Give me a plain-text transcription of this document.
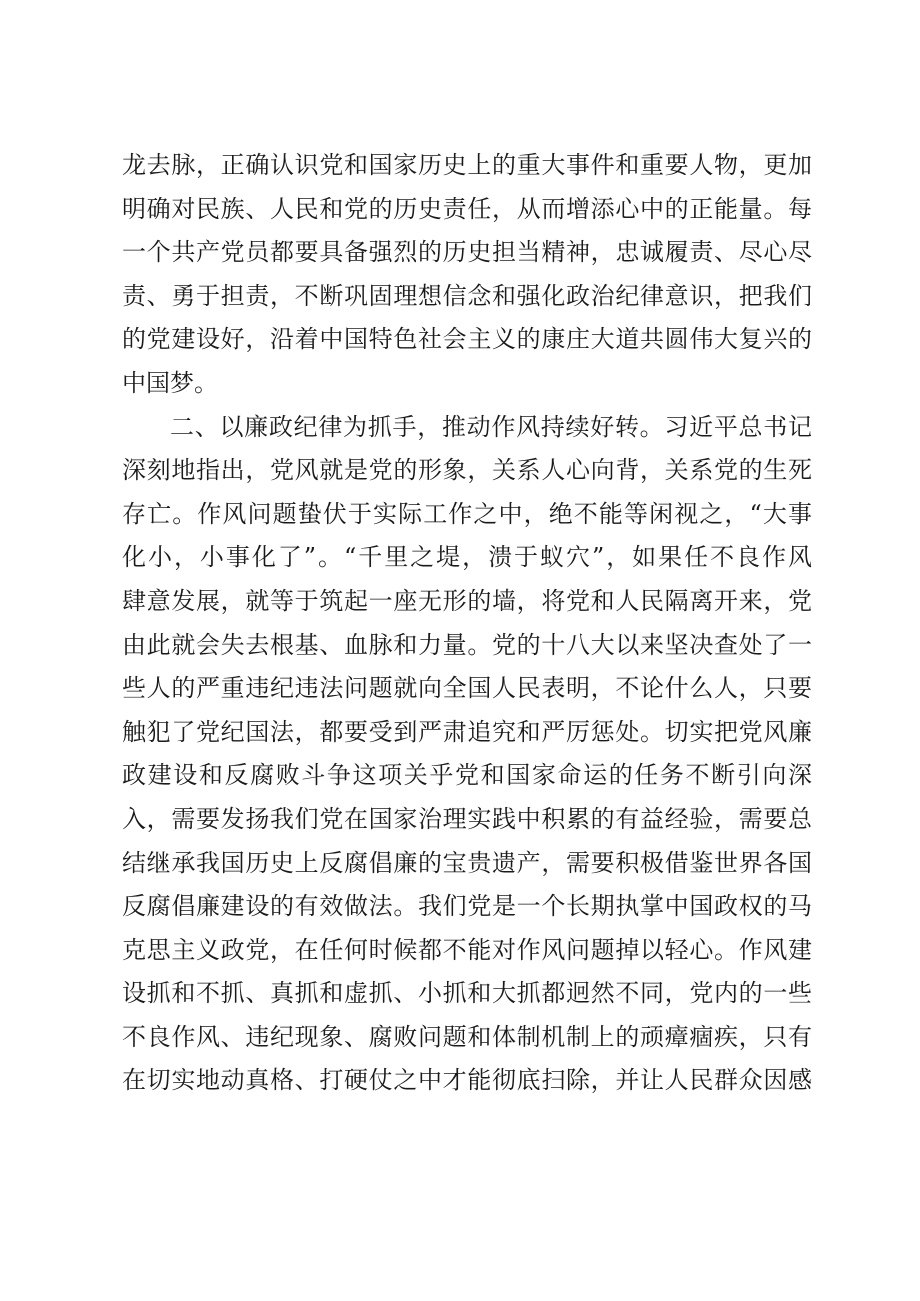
龙去脉，正确认识党和国家历史上的重大事件和重要人物，更加
明确对民族、人民和党的历史责任，从而增添心中的正能量。每
一个共产党员都要具备强烈的历史担当精神，忠诚履责、尽心尽
责、勇于担责，不断巩固理想信念和强化政治纪律意识，把我们
的党建设好，沿着中国特色社会主义的康庄大道共圆伟大复兴的
中国梦。
二、以廉政纪律为抓手，推动作风持续好转。习近平总书记
深刻地指出，党风就是党的形象，关系人心向背，关系党的生死
存亡。作风问题蛰伏于实际工作之中，绝不能等闲视之，“大事
化小，小事化了”。“千里之堤，溃于蚁穴”，如果任不良作风
肆意发展，就等于筑起一座无形的墙，将党和人民隔离开来，党
由此就会失去根基、血脉和力量。党的十八大以来坚决查处了一
些人的严重违纪违法问题就向全国人民表明，不论什么人，只要
触犯了党纪国法，都要受到严肃追究和严厉惩处。切实把党风廉
政建设和反腐败斗争这项关乎党和国家命运的任务不断引向深
入，需要发扬我们党在国家治理实践中积累的有益经验，需要总
结继承我国历史上反腐倡廉的宝贵遗产，需要积极借鉴世界各国
反腐倡廉建设的有效做法。我们党是一个长期执掌中国政权的马
克思主义政党，在任何时候都不能对作风问题掉以轻心。作风建
设抓和不抓、真抓和虚抓、小抓和大抓都迥然不同，党内的一些
不良作风、违纪现象、腐败问题和体制机制上的顽瘴痼疾，只有
在切实地动真格、打硬仗之中才能彻底扫除，并让人民群众因感
